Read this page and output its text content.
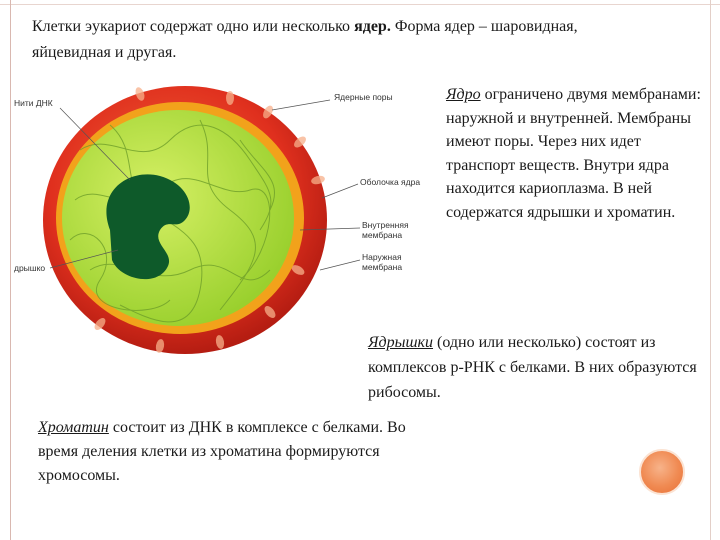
Клетки эукариот содержат одно или несколько ядер. Форма ядер – шаровидная, яйцевидная и другая.

Нити ДНК
Ядерные поры
Оболочка ядра
Внутренняя
мембрана
Наружная
мембрана
дрышко

Ядро ограничено двумя мембранами: наружной и внутренней. Мембраны имеют поры. Через них идет транспорт веществ. Внутри ядра находится кариоплазма. В ней содержатся ядрышки и хроматин.

Ядрышки (одно или несколько) состоят из комплексов р-РНК с белками. В них образуются рибосомы.

Хроматин состоит из ДНК в комплексе с белками. Во время деления клетки из хроматина формируются хромосомы.
